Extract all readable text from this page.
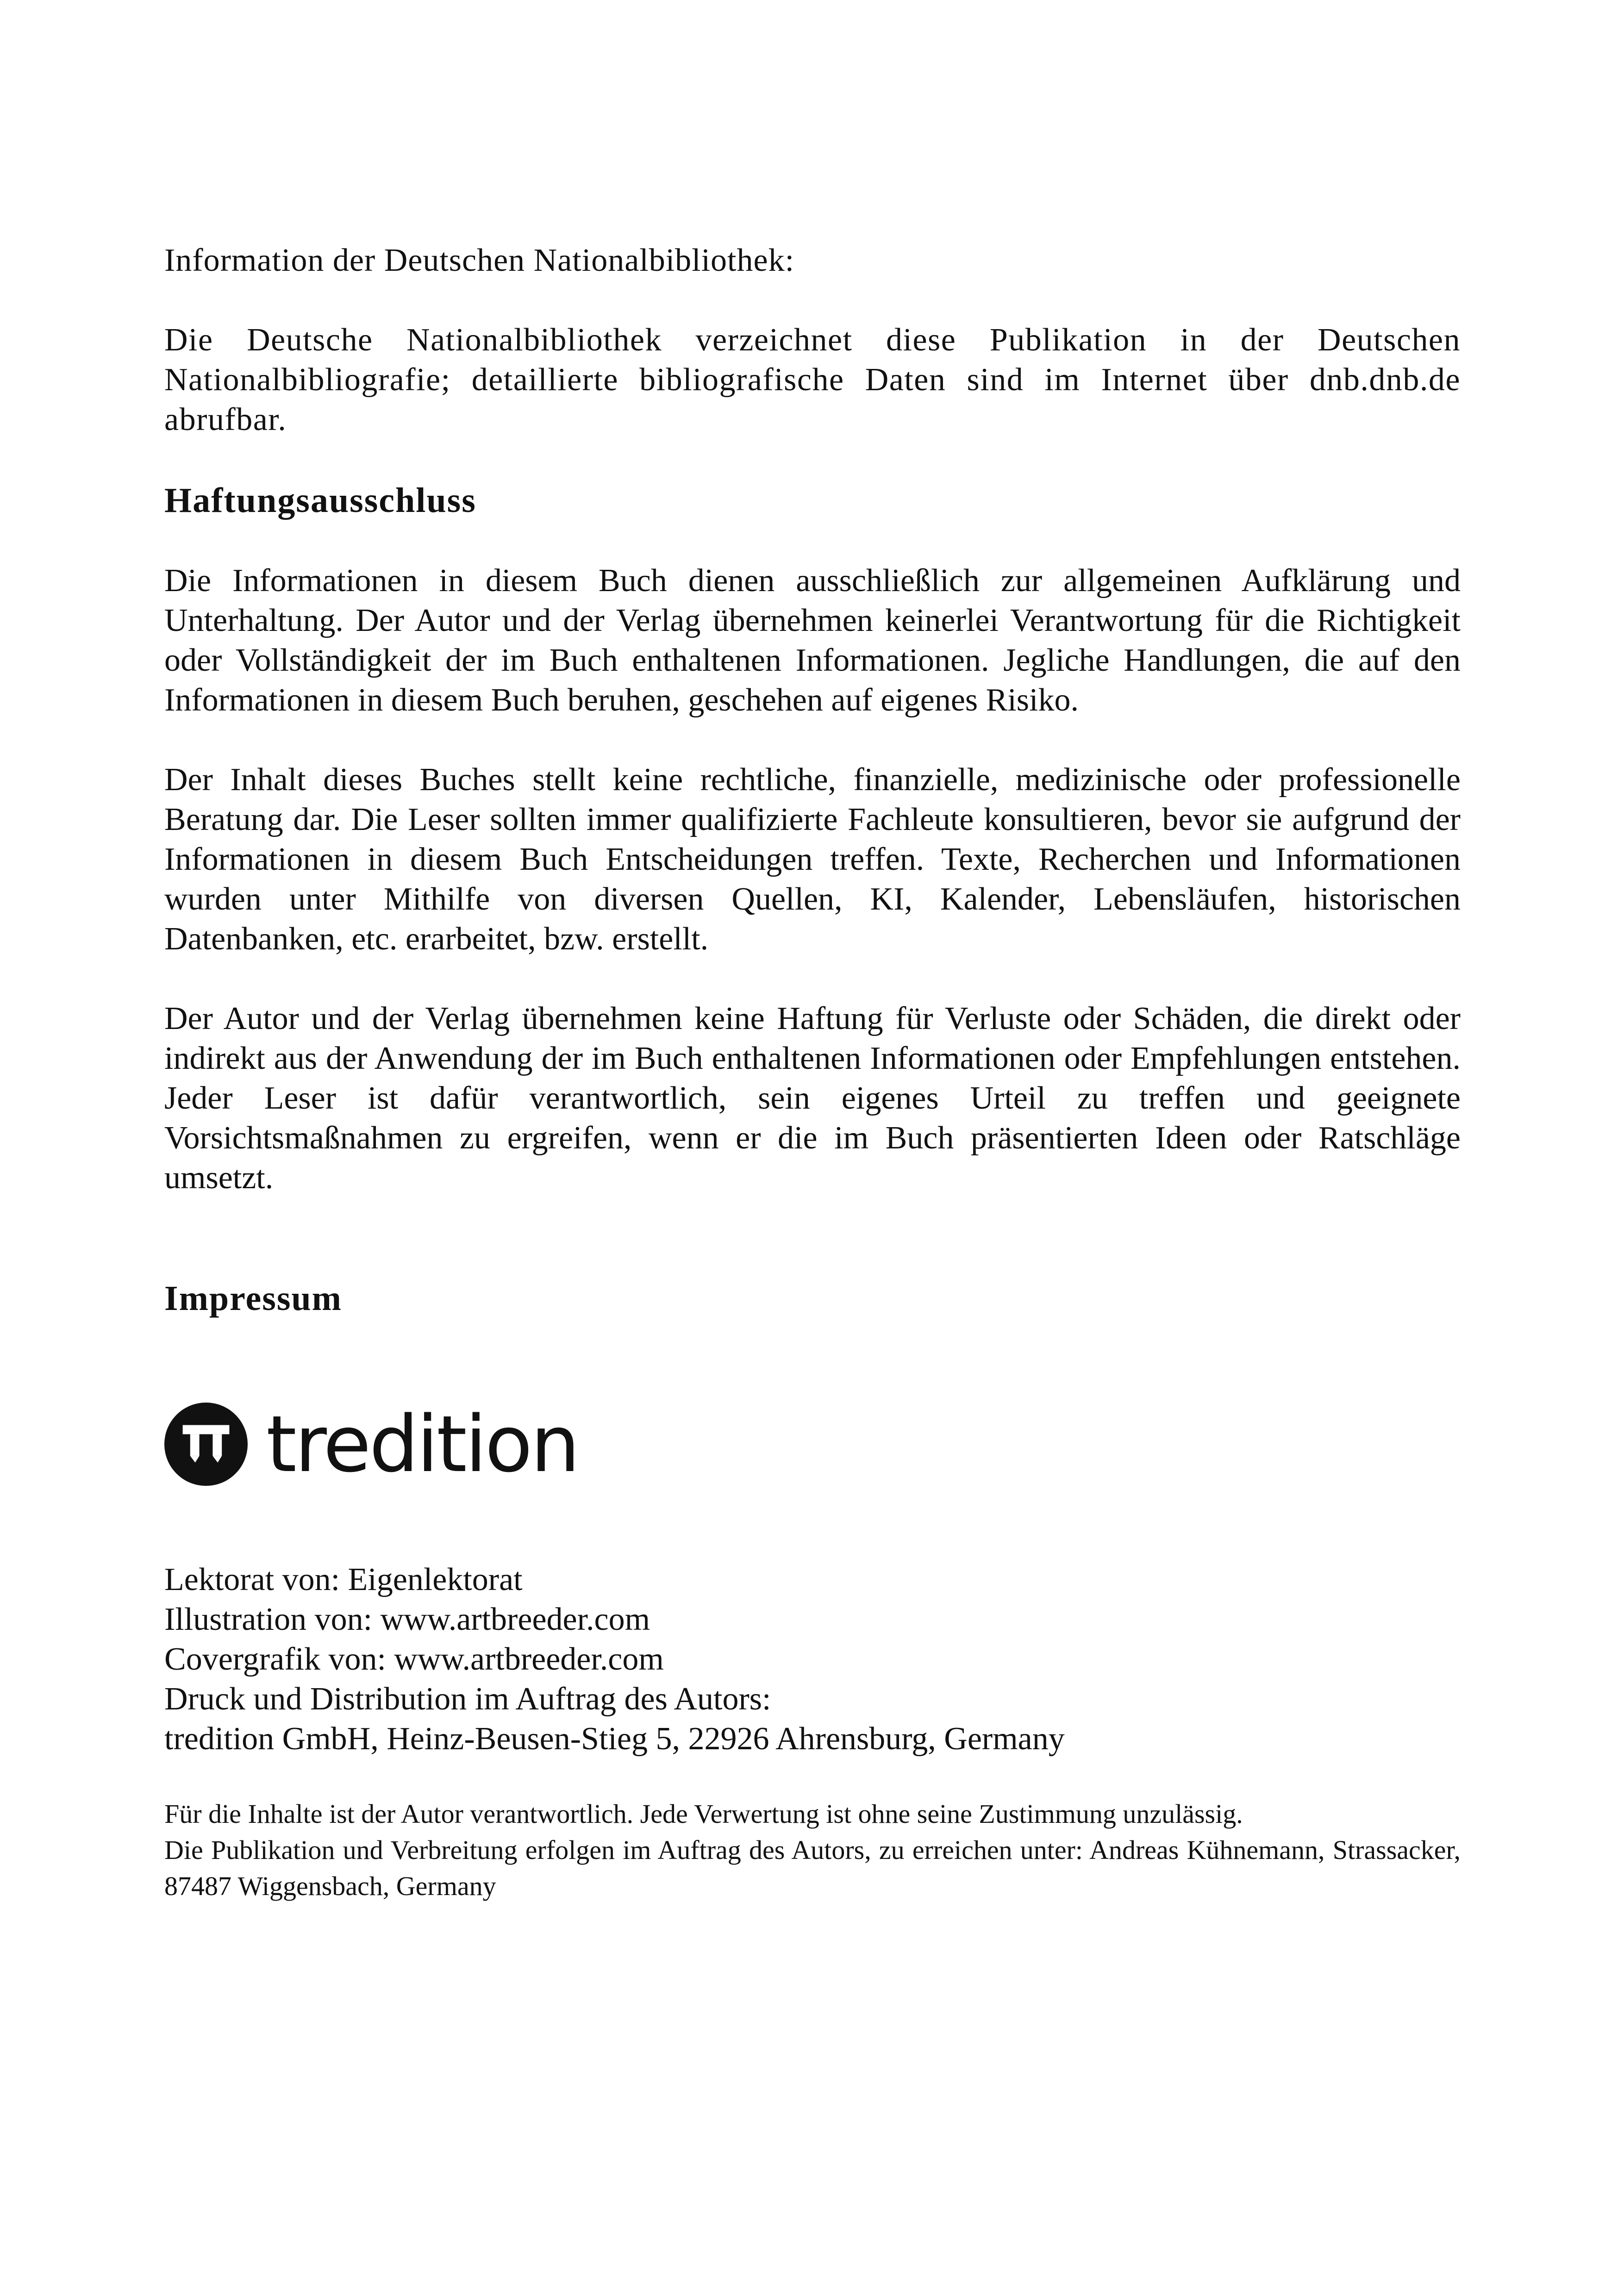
Information der Deutschen Nationalbibliothek:

Die Deutsche Nationalbibliothek verzeichnet diese Publikation in der Deutschen Nationalbibliografie; detaillierte bibliografische Daten sind im Internet über dnb.dnb.de abrufbar.

Haftungsausschluss

Die Informationen in diesem Buch dienen ausschließlich zur allgemeinen Aufklärung und Unterhaltung. Der Autor und der Verlag übernehmen keinerlei Verantwortung für die Richtigkeit oder Vollständigkeit der im Buch enthaltenen Informationen. Jegliche Handlungen, die auf den Informationen in diesem Buch beruhen, geschehen auf eigenes Risiko.

Der Inhalt dieses Buches stellt keine rechtliche, finanzielle, medizinische oder professionelle Beratung dar. Die Leser sollten immer qualifizierte Fachleute konsultieren, bevor sie aufgrund der Informationen in diesem Buch Entscheidungen treffen. Texte, Recherchen und Informationen wurden unter Mithilfe von diversen Quellen, KI, Kalender, Lebensläufen, historischen Datenbanken, etc. erarbeitet, bzw. erstellt.

Der Autor und der Verlag übernehmen keine Haftung für Verluste oder Schäden, die direkt oder indirekt aus der Anwendung der im Buch enthaltenen Informationen oder Empfehlungen entstehen. Jeder Leser ist dafür verantwortlich, sein eigenes Urteil zu treffen und geeignete Vorsichtsmaßnahmen zu ergreifen, wenn er die im Buch präsentierten Ideen oder Ratschläge umsetzt.

Impressum
tredition

Lektorat von: Eigenlektorat

Illustration von: www.artbreeder.com

Covergrafik von: www.artbreeder.com

Druck und Distribution im Auftrag des Autors:

tredition GmbH, Heinz-Beusen-Stieg 5, 22926 Ahrensburg, Germany

Für die Inhalte ist der Autor verantwortlich. Jede Verwertung ist ohne seine Zustimmung unzulässig.
Die Publikation und Verbreitung erfolgen im Auftrag des Autors, zu erreichen unter: Andreas Kühnemann, Strassacker, 87487 Wiggensbach, Germany
